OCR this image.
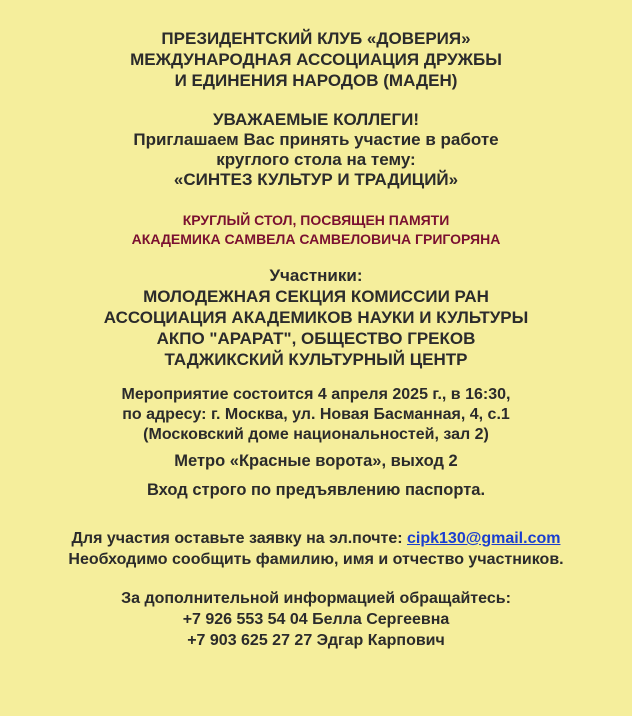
ПРЕЗИДЕНТСКИЙ КЛУБ «ДОВЕРИЯ»
МЕЖДУНАРОДНАЯ АССОЦИАЦИЯ ДРУЖБЫ
И ЕДИНЕНИЯ НАРОДОВ (МАДЕН)
УВАЖАЕМЫЕ КОЛЛЕГИ!
Приглашаем Вас принять участие в работе
круглого стола на тему:
«СИНТЕЗ КУЛЬТУР И ТРАДИЦИЙ»
КРУГЛЫЙ СТОЛ, ПОСВЯЩЕН ПАМЯТИ
АКАДЕМИКА САМВЕЛА САМВЕЛОВИЧА ГРИГОРЯНА
Участники:
МОЛОДЕЖНАЯ СЕКЦИЯ КОМИССИИ РАН
АССОЦИАЦИЯ АКАДЕМИКОВ НАУКИ И КУЛЬТУРЫ
АКПО "АРАРАТ", ОБЩЕСТВО ГРЕКОВ
ТАДЖИКСКИЙ КУЛЬТУРНЫЙ ЦЕНТР
Мероприятие состоится 4 апреля 2025 г., в 16:30,
по адресу: г. Москва, ул. Новая Басманная, 4, с.1
(Московский доме национальностей, зал 2)
Метро «Красные ворота», выход 2
Вход строго по предъявлению паспорта.
Для участия оставьте заявку на эл.почте: cipk130@gmail.com
Необходимо сообщить фамилию, имя и отчество участников.
За дополнительной информацией обращайтесь:
+7 926 553 54 04 Белла Сергеевна
+7 903 625 27 27 Эдгар Карпович
